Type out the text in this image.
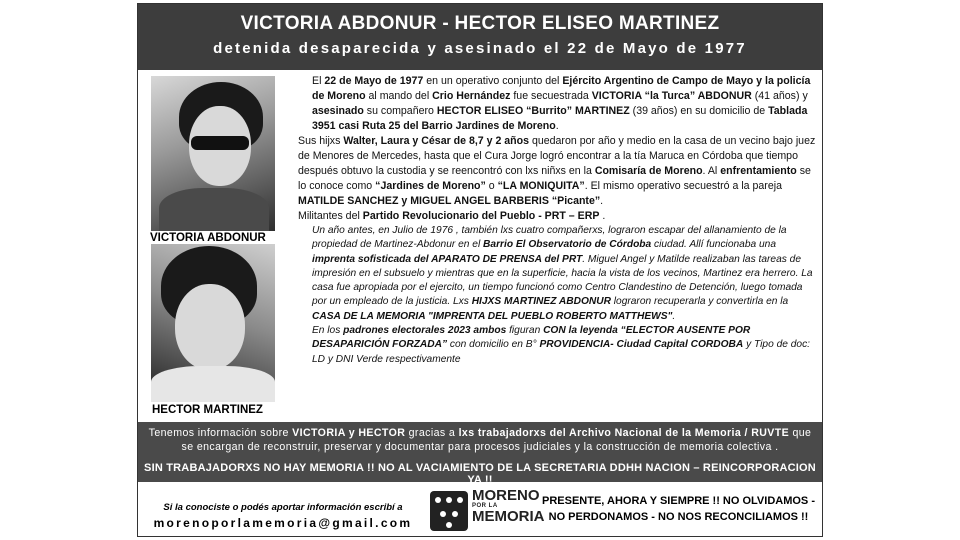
VICTORIA ABDONUR - HECTOR ELISEO MARTINEZ
detenida desaparecida y asesinado el 22 de Mayo de 1977
VICTORIA ABDONUR
HECTOR MARTINEZ

El 22 de Mayo de 1977 en un operativo conjunto del Ejército Argentino de Campo de Mayo y la policía de Moreno al mando del Crio Hernández fue secuestrada VICTORIA “la Turca” ABDONUR (41 años) y asesinado su compañero HECTOR ELISEO “Burrito” MARTINEZ (39 años) en su domicilio de Tablada 3951 casi Ruta 25 del Barrio Jardines de Moreno.

Sus hijxs Walter, Laura y César de 8,7 y 2 años quedaron por año y medio en la casa de un vecino bajo juez de Menores de Mercedes, hasta que el Cura Jorge logró encontrar a la tía Maruca en Córdoba que tiempo después obtuvo la custodia y se reencontró con lxs niñxs en la Comisaría de Moreno. Al enfrentamiento se lo conoce como “Jardines de Moreno” o “LA MONIQUITA”. El mismo operativo secuestró a la pareja MATILDE SANCHEZ y MIGUEL ANGEL BARBERIS “Picante”.

Militantes del Partido Revolucionario del Pueblo - PRT – ERP .

Un año antes, en Julio de 1976 , también lxs cuatro compañerxs, lograron escapar del allanamiento de la propiedad de Martinez-Abdonur en el Barrio El Observatorio de Córdoba ciudad. Allí funcionaba una imprenta sofisticada del APARATO DE PRENSA del PRT. Miguel Angel y Matilde realizaban las tareas de impresión en el subsuelo y mientras que en la superficie, hacia la vista de los vecinos, Martinez era herrero. La casa fue apropiada por el ejercito, un tiempo funcionó como Centro Clandestino de Detención, luego tomada por un empleado de la justicia. Lxs HIJXS MARTINEZ ABDONUR lograron recuperarla y convertirla en la CASA DE LA MEMORIA "IMPRENTA DEL PUEBLO ROBERTO MATTHEWS".

En los padrones electorales 2023 ambos figuran CON la leyenda “ELECTOR AUSENTE POR DESAPARICIÓN FORZADA” con domicilio en B° PROVIDENCIA- Ciudad Capital CORDOBA y Tipo de doc: LD y DNI Verde respectivamente

Tenemos información sobre VICTORIA y HECTOR gracias a lxs trabajadorxs del Archivo Nacional de la Memoria / RUVTE que se encargan de reconstruir, preservar y documentar para procesos judiciales y la construcción de memoria colectiva .
SIN TRABAJADORXS NO HAY MEMORIA !! NO AL VACIAMIENTO DE LA SECRETARIA DDHH NACION – REINCORPORACION YA !!
Si la conociste o podés aportar información escribí a
morenoporlamemoria@gmail.com
MORENO
POR LA
MEMORIA
PRESENTE, AHORA Y SIEMPRE !! NO OLVIDAMOS -
NO PERDONAMOS - NO NOS RECONCILIAMOS !!
